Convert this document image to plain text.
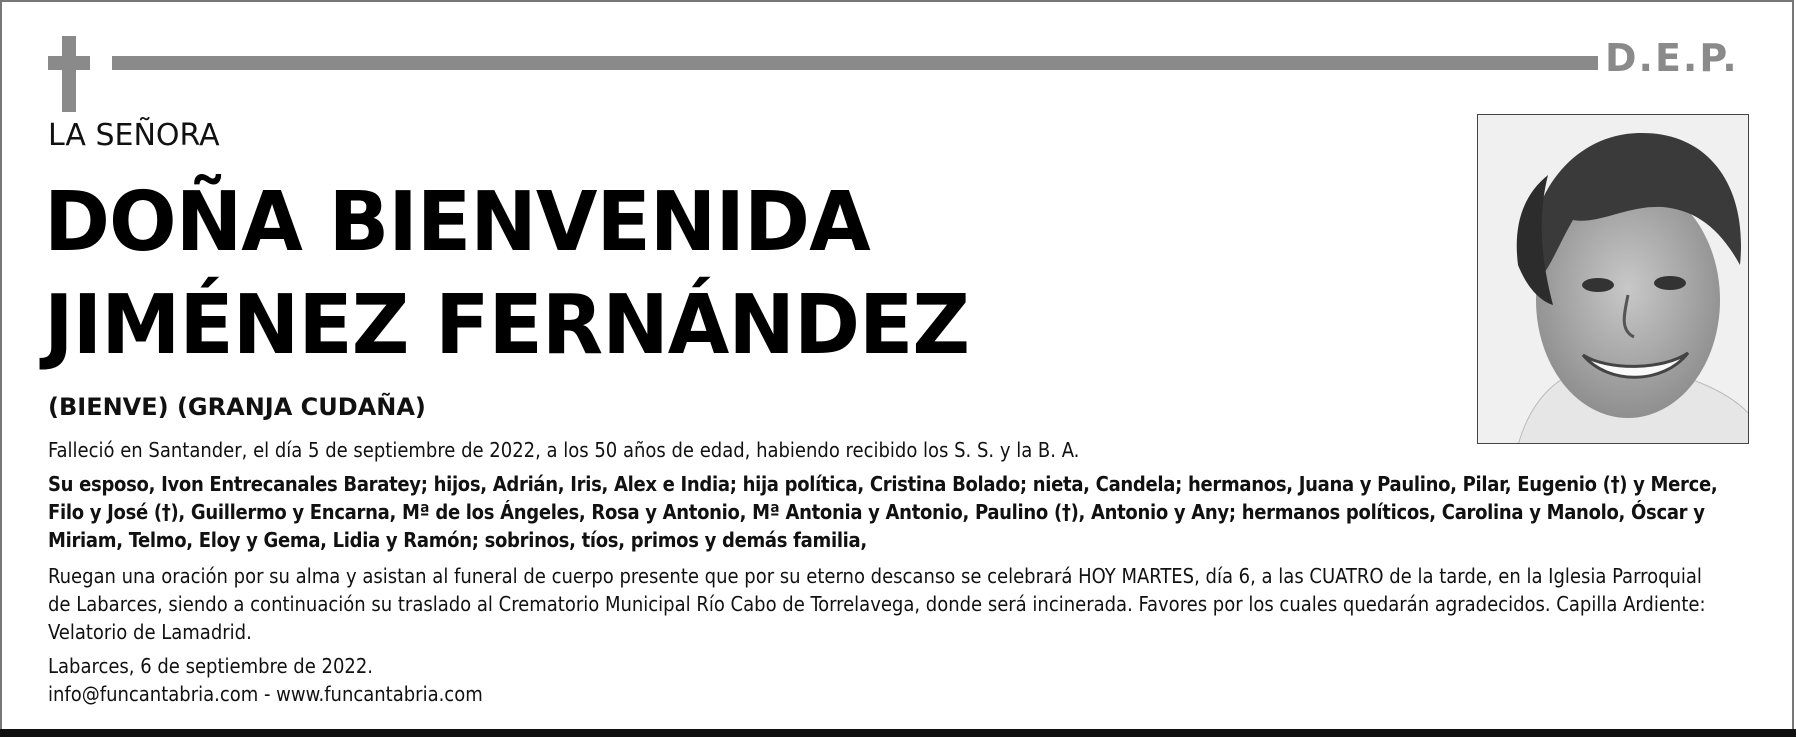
D.E.P.
LA SEÑORA
DOÑA BIENVENIDA
JIMÉNEZ FERNÁNDEZ
(BIENVE) (GRANJA CUDAÑA)
Falleció en Santander, el día 5 de septiembre de 2022, a los 50 años de edad, habiendo recibido los S. S. y la B. A.
Su esposo, Ivon Entrecanales Baratey; hijos, Adrián, Iris, Alex e India; hija política, Cristina Bolado; nieta, Candela; hermanos, Juana y Paulino, Pilar, Eugenio (†) y Merce, Filo y José (†), Guillermo y Encarna, Mª de los Ángeles, Rosa y Antonio, Mª Antonia y Antonio, Paulino (†), Antonio y Any; hermanos políticos, Carolina y Manolo, Óscar y Miriam, Telmo, Eloy y Gema, Lidia y Ramón; sobrinos, tíos, primos y demás familia,
Ruegan una oración por su alma y asistan al funeral de cuerpo presente que por su eterno descanso se celebrará HOY MARTES, día 6, a las CUATRO de la tarde, en la Iglesia Parroquial de Labarces, siendo a continuación su traslado al Crematorio Municipal Río Cabo de Torrelavega, donde será incinerada. Favores por los cuales quedarán agradecidos. Capilla Ardiente: Velatorio de Lamadrid.
Labarces, 6 de septiembre de 2022.
info@funcantabria.com - www.funcantabria.com
